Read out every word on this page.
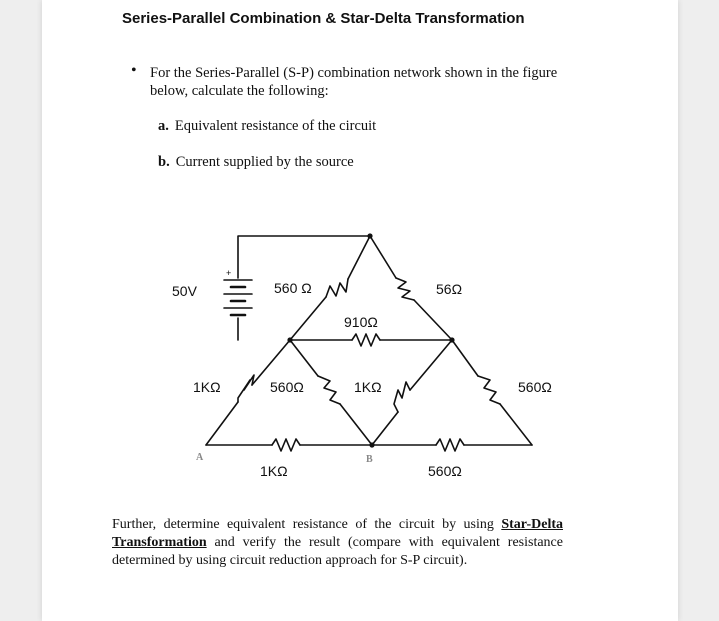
Series-Parallel Combination & Star-Delta Transformation
• For the Series-Parallel (S-P) combination network shown in the figure below, calculate the following:
a. Equivalent resistance of the circuit
b. Current supplied by the source
+
50V	560 Ω	56Ω
910Ω
1KΩ	560Ω	1KΩ	560Ω
1KΩ	560Ω
A	B
Further, determine equivalent resistance of the circuit by using Star-Delta Transformation and verify the result (compare with equivalent resistance determined by using circuit reduction approach for S-P circuit).
